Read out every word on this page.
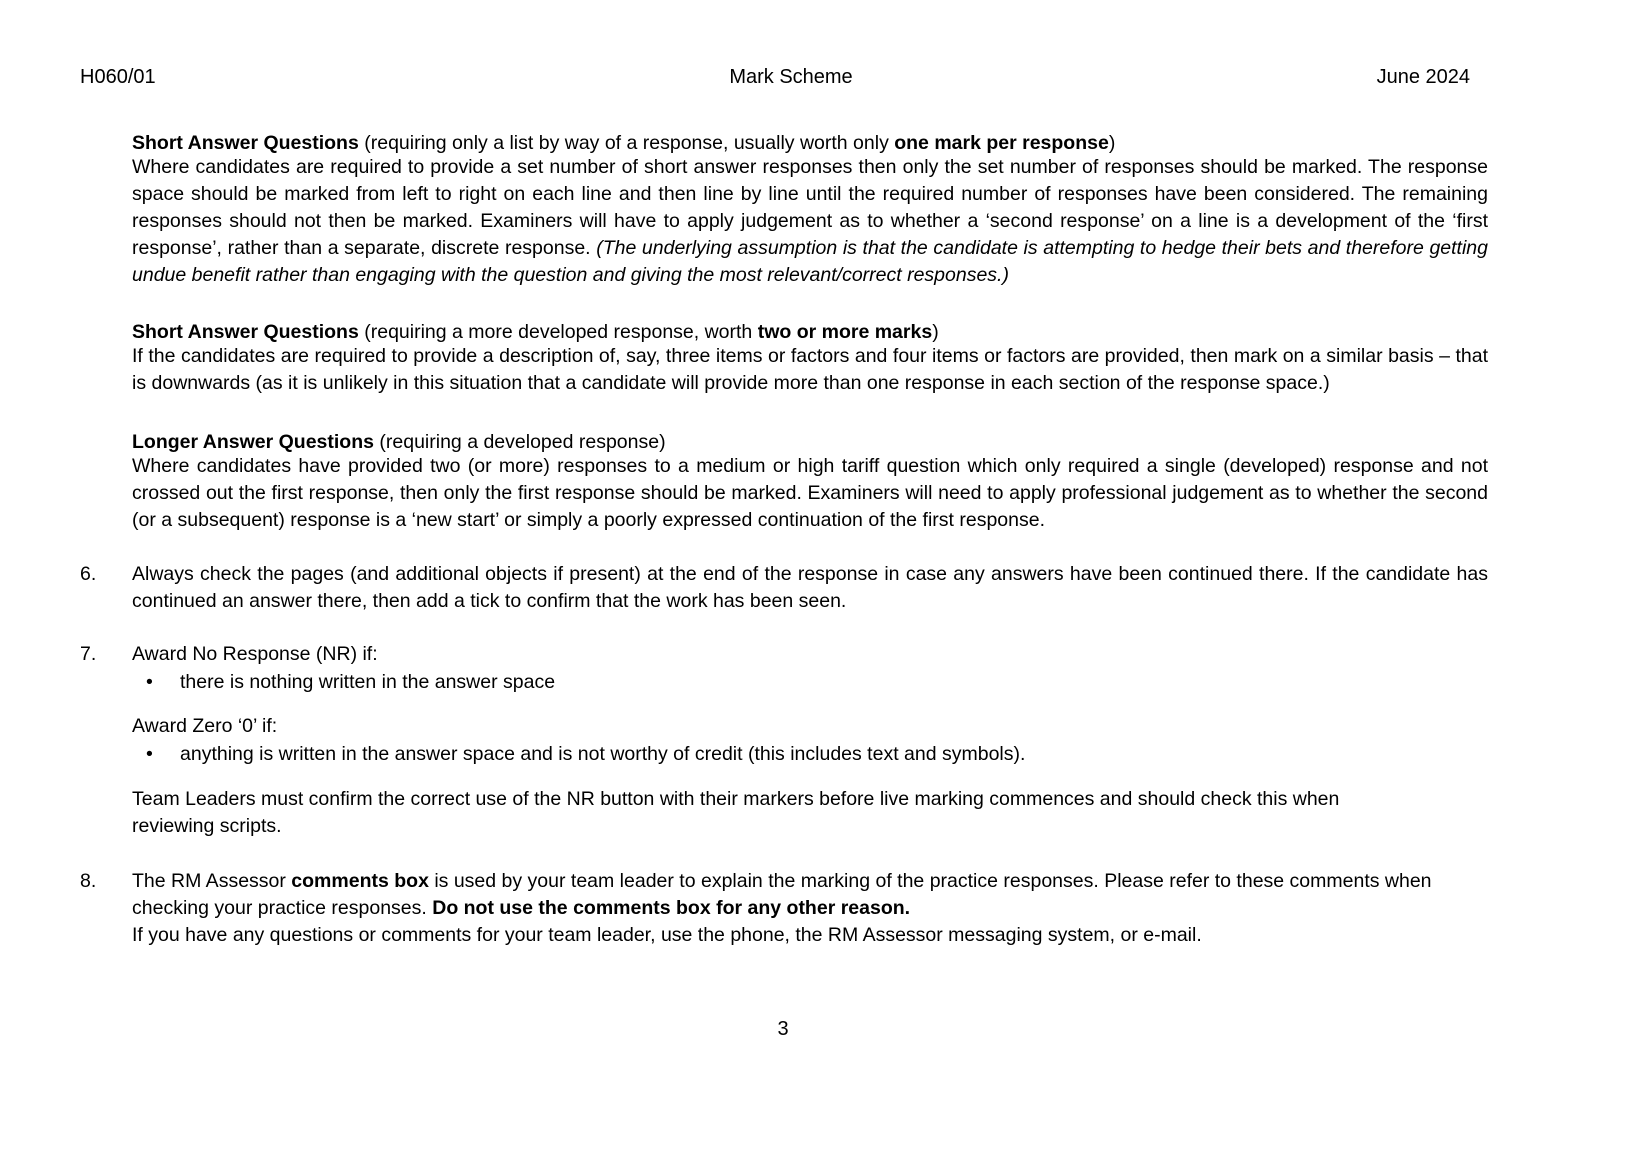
H060/01	Mark Scheme	June 2024

Short Answer Questions (requiring only a list by way of a response, usually worth only one mark per response)

Where candidates are required to provide a set number of short answer responses then only the set number of responses should be marked. The response space should be marked from left to right on each line and then line by line until the required number of responses have been considered. The remaining responses should not then be marked. Examiners will have to apply judgement as to whether a ‘second response’ on a line is a development of the ‘first response’, rather than a separate, discrete response. (The underlying assumption is that the candidate is attempting to hedge their bets and therefore getting undue benefit rather than engaging with the question and giving the most relevant/correct responses.)

Short Answer Questions (requiring a more developed response, worth two or more marks)

If the candidates are required to provide a description of, say, three items or factors and four items or factors are provided, then mark on a similar basis – that is downwards (as it is unlikely in this situation that a candidate will provide more than one response in each section of the response space.)

Longer Answer Questions (requiring a developed response)

Where candidates have provided two (or more) responses to a medium or high tariff question which only required a single (developed) response and not crossed out the first response, then only the first response should be marked. Examiners will need to apply professional judgement as to whether the second (or a subsequent) response is a ‘new start’ or simply a poorly expressed continuation of the first response.

6. Always check the pages (and additional objects if present) at the end of the response in case any answers have been continued there. If the candidate has continued an answer there, then add a tick to confirm that the work has been seen.
7. Award No Response (NR) if:
• there is nothing written in the answer space
Award Zero ‘0’ if:
• anything is written in the answer space and is not worthy of credit (this includes text and symbols).
Team Leaders must confirm the correct use of the NR button with their markers before live marking commences and should check this when reviewing scripts.
8. The RM Assessor comments box is used by your team leader to explain the marking of the practice responses. Please refer to these comments when checking your practice responses. Do not use the comments box for any other reason.

If you have any questions or comments for your team leader, use the phone, the RM Assessor messaging system, or e-mail.

3
